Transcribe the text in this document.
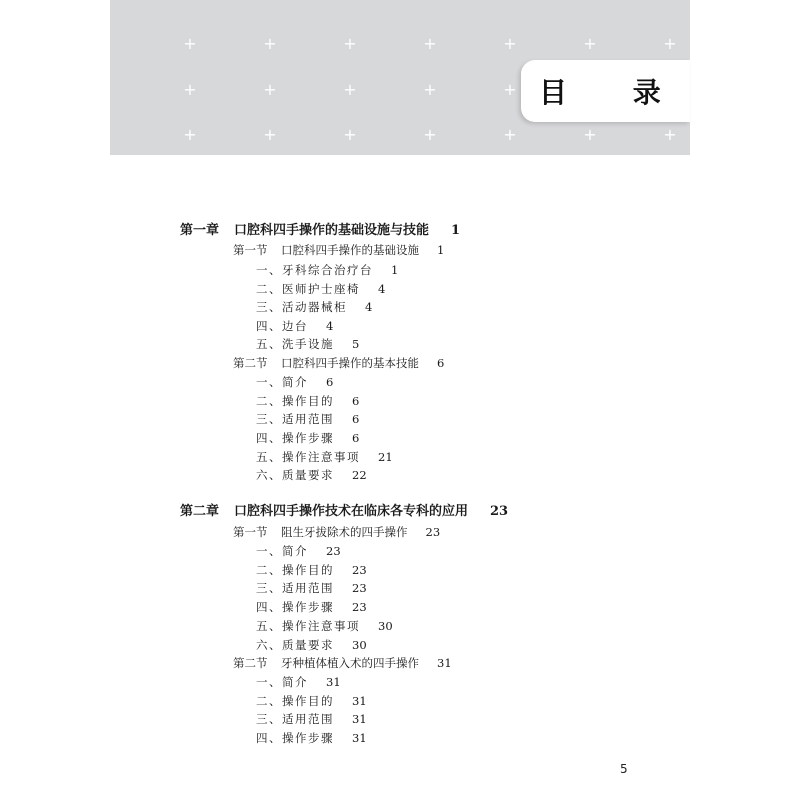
+	+	+	+	+	+	+
+	+	+	+	+	+	+
+	+	+	+	+ 目 录
第一章 口腔科四手操作的基础设施与技能 1
第一节 口腔科四手操作的基础设施 1
一、牙科综合治疗台 1
二、医师护士座椅 4
三、活动器械柜 4
四、边台 4
五、洗手设施 5
第二节 口腔科四手操作的基本技能 6
一、简介 6
二、操作目的 6
三、适用范围 6
四、操作步骤 6
五、操作注意事项 21
六、质量要求 22
第二章 口腔科四手操作技术在临床各专科的应用 23
第一节 阻生牙拔除术的四手操作 23
一、简介 23
二、操作目的 23
三、适用范围 23
四、操作步骤 23
五、操作注意事项 30
六、质量要求 30
第二节 牙种植体植入术的四手操作 31
一、简介 31
二、操作目的 31
三、适用范围 31
四、操作步骤 31
5
